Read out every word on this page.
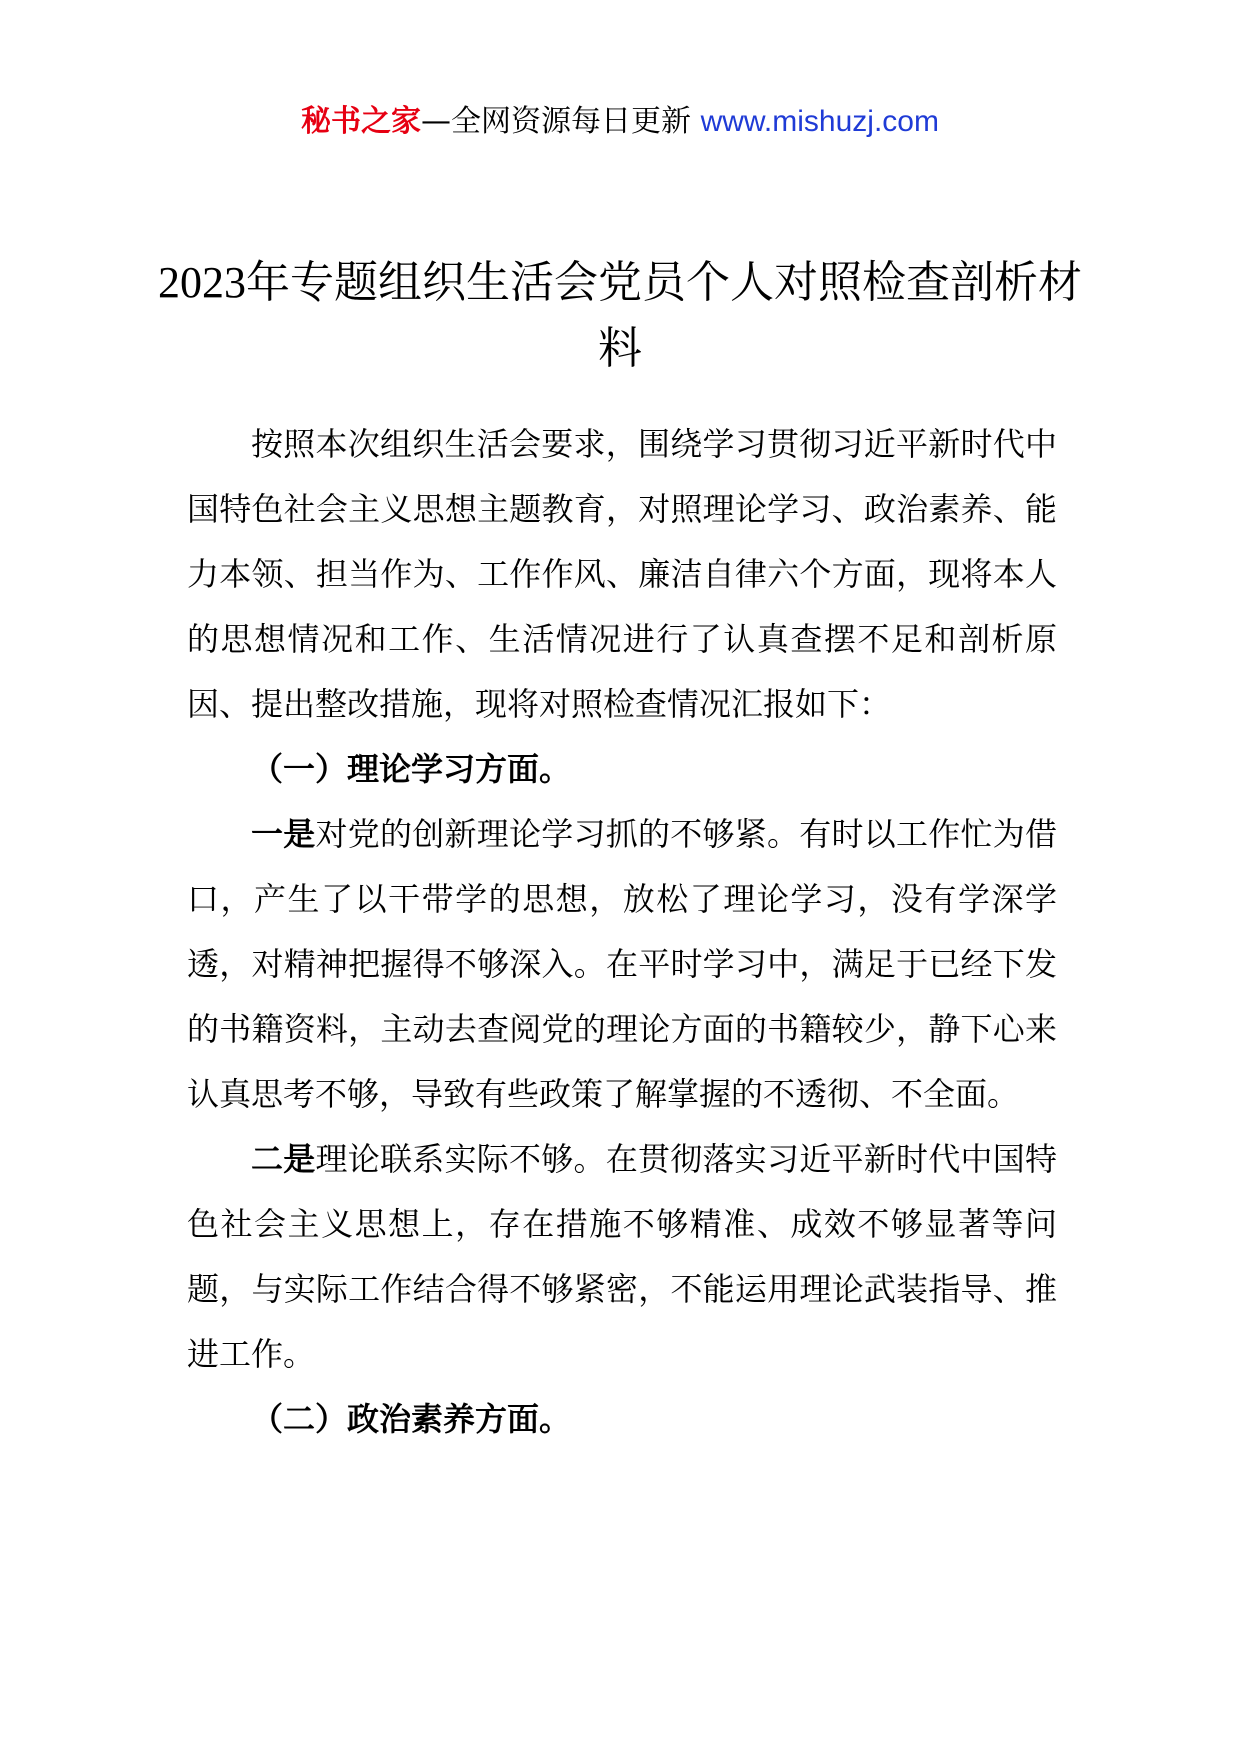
秘书之家—全网资源每日更新 www.mishuzj.com
2023年专题组织生活会党员个人对照检查剖析材料

按照本次组织生活会要求，围绕学习贯彻习近平新时代中国特色社会主义思想主题教育，对照理论学习、政治素养、能力本领、担当作为、工作作风、廉洁自律六个方面，现将本人的思想情况和工作、生活情况进行了认真查摆不足和剖析原因、提出整改措施，现将对照检查情况汇报如下：

（一）理论学习方面。

一是对党的创新理论学习抓的不够紧。有时以工作忙为借口，产生了以干带学的思想，放松了理论学习，没有学深学透，对精神把握得不够深入。在平时学习中，满足于已经下发的书籍资料，主动去查阅党的理论方面的书籍较少，静下心来认真思考不够，导致有些政策了解掌握的不透彻、不全面。

二是理论联系实际不够。在贯彻落实习近平新时代中国特色社会主义思想上，存在措施不够精准、成效不够显著等问题，与实际工作结合得不够紧密，不能运用理论武装指导、推进工作。

（二）政治素养方面。
